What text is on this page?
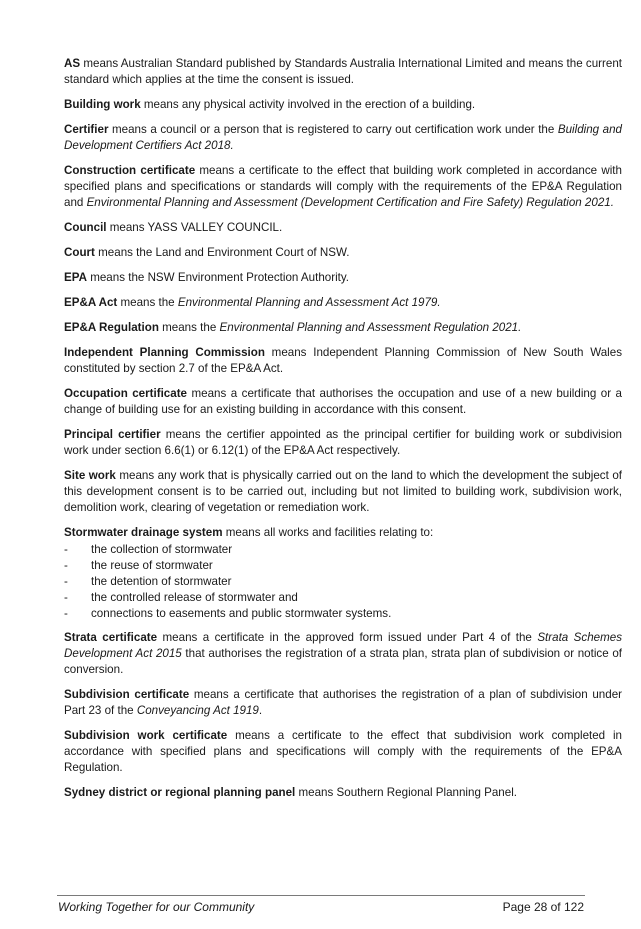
AS means Australian Standard published by Standards Australia International Limited and means the current standard which applies at the time the consent is issued.

Building work means any physical activity involved in the erection of a building.

Certifier means a council or a person that is registered to carry out certification work under the Building and Development Certifiers Act 2018.

Construction certificate means a certificate to the effect that building work completed in accordance with specified plans and specifications or standards will comply with the requirements of the EP&A Regulation and Environmental Planning and Assessment (Development Certification and Fire Safety) Regulation 2021.

Council means YASS VALLEY COUNCIL.

Court means the Land and Environment Court of NSW.

EPA means the NSW Environment Protection Authority.

EP&A Act means the Environmental Planning and Assessment Act 1979.

EP&A Regulation means the Environmental Planning and Assessment Regulation 2021.

Independent Planning Commission means Independent Planning Commission of New South Wales constituted by section 2.7 of the EP&A Act.

Occupation certificate means a certificate that authorises the occupation and use of a new building or a change of building use for an existing building in accordance with this consent.

Principal certifier means the certifier appointed as the principal certifier for building work or subdivision work under section 6.6(1) or 6.12(1) of the EP&A Act respectively.

Site work means any work that is physically carried out on the land to which the development the subject of this development consent is to be carried out, including but not limited to building work, subdivision work, demolition work, clearing of vegetation or remediation work.

Stormwater drainage system means all works and facilities relating to:

- the collection of stormwater
- the reuse of stormwater
- the detention of stormwater
- the controlled release of stormwater and
- connections to easements and public stormwater systems.

Strata certificate means a certificate in the approved form issued under Part 4 of the Strata Schemes Development Act 2015 that authorises the registration of a strata plan, strata plan of subdivision or notice of conversion.

Subdivision certificate means a certificate that authorises the registration of a plan of subdivision under Part 23 of the Conveyancing Act 1919.

Subdivision work certificate means a certificate to the effect that subdivision work completed in accordance with specified plans and specifications will comply with the requirements of the EP&A Regulation.

Sydney district or regional planning panel means Southern Regional Planning Panel.

Working Together for our Community	Page 28 of 122
